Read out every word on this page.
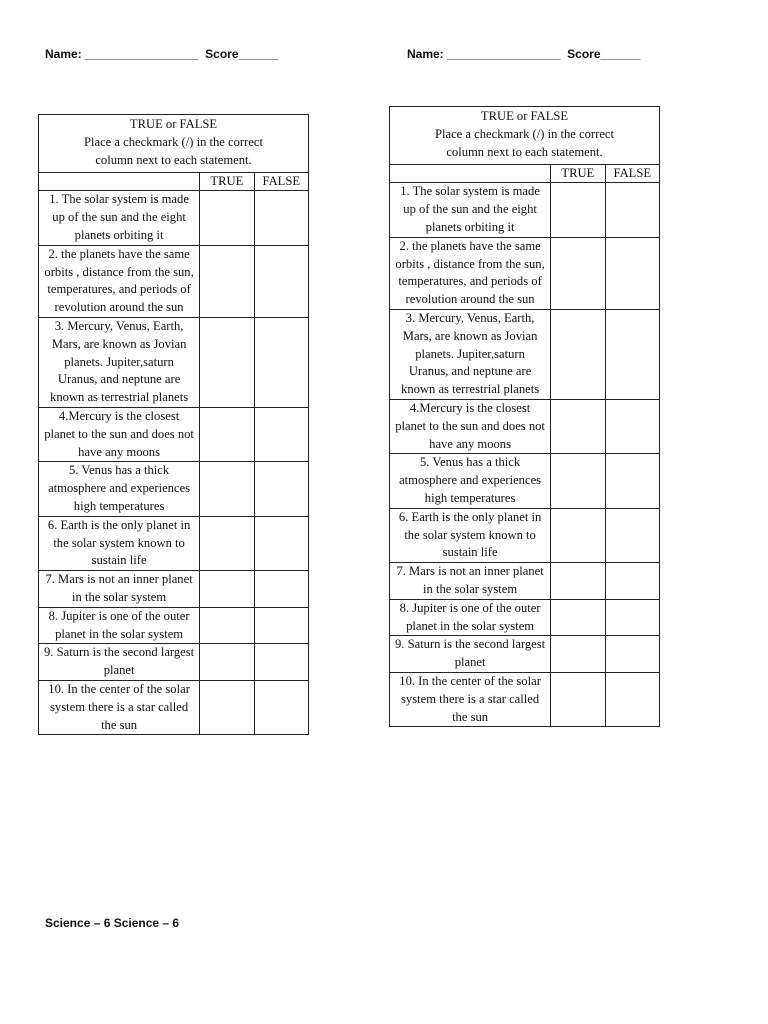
Name: _________________ Score______	Name: _________________ Score______
TRUE or FALSE
Place a checkmark (/) in the correct
column next to each statement.		

	TRUE	FALSE
1. The solar system is made up of the sun and the eight planets orbiting it		
2. the planets have the same orbits , distance from the sun, temperatures, and periods of revolution around the sun		
3. Mercury, Venus, Earth, Mars, are known as Jovian planets. Jupiter,saturn Uranus, and neptune are known as terrestrial planets		
4.Mercury is the closest planet to the sun and does not have any moons		
5. Venus has a thick atmosphere and experiences high temperatures		
6. Earth is the only planet in the solar system known to sustain life		
7. Mars is not an inner planet in the solar system		
8. Jupiter is one of the outer planet in the solar system		
9. Saturn is the second largest planet		
10. In the center of the solar system there is a star called the sun		
TRUE or FALSE
Place a checkmark (/) in the correct
column next to each statement.		

	TRUE	FALSE
1. The solar system is made up of the sun and the eight planets orbiting it		
2. the planets have the same orbits , distance from the sun, temperatures, and periods of revolution around the sun		
3. Mercury, Venus, Earth, Mars, are known as Jovian planets. Jupiter,saturn Uranus, and neptune are known as terrestrial planets		
4.Mercury is the closest planet to the sun and does not have any moons		
5. Venus has a thick atmosphere and experiences high temperatures		
6. Earth is the only planet in the solar system known to sustain life		
7. Mars is not an inner planet in the solar system		
8. Jupiter is one of the outer planet in the solar system		
9. Saturn is the second largest planet		
10. In the center of the solar system there is a star called the sun		
Science – 6 Science – 6
